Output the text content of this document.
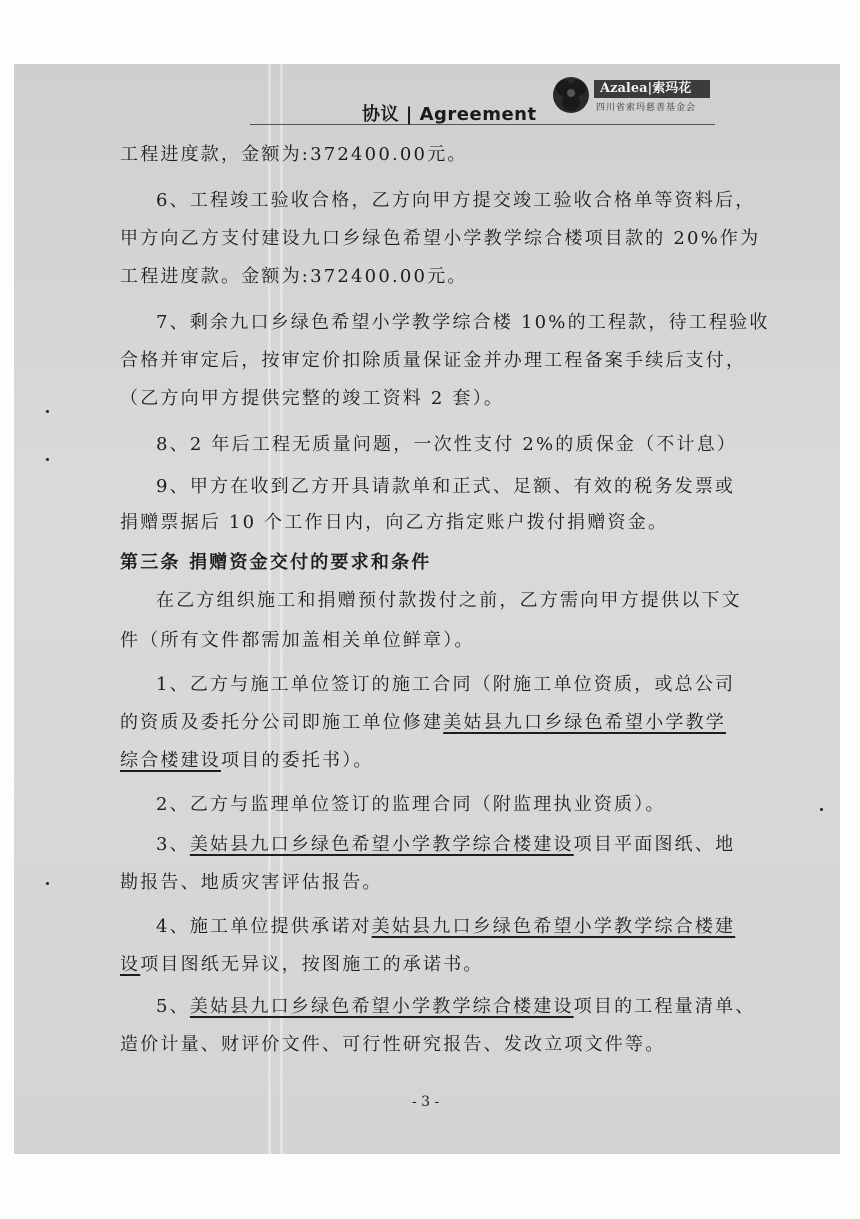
协议 | Agreement
Azalea|索玛花
四川省索玛慈善基金会
工程进度款，金额为:372400.00元。
6、工程竣工验收合格，乙方向甲方提交竣工验收合格单等资料后，
甲方向乙方支付建设九口乡绿色希望小学教学综合楼项目款的 20%作为
工程进度款。金额为:372400.00元。
7、剩余九口乡绿色希望小学教学综合楼 10%的工程款，待工程验收
合格并审定后，按审定价扣除质量保证金并办理工程备案手续后支付，
（乙方向甲方提供完整的竣工资料 2 套）。
8、2 年后工程无质量问题，一次性支付 2%的质保金（不计息）
9、甲方在收到乙方开具请款单和正式、足额、有效的税务发票或
捐赠票据后 10 个工作日内，向乙方指定账户拨付捐赠资金。
第三条 捐赠资金交付的要求和条件
在乙方组织施工和捐赠预付款拨付之前，乙方需向甲方提供以下文
件（所有文件都需加盖相关单位鲜章）。
1、乙方与施工单位签订的施工合同（附施工单位资质，或总公司
的资质及委托分公司即施工单位修建美姑县九口乡绿色希望小学教学
综合楼建设项目的委托书）。
2、乙方与监理单位签订的监理合同（附监理执业资质）。
3、美姑县九口乡绿色希望小学教学综合楼建设项目平面图纸、地
勘报告、地质灾害评估报告。
4、施工单位提供承诺对美姑县九口乡绿色希望小学教学综合楼建
设项目图纸无异议，按图施工的承诺书。
5、美姑县九口乡绿色希望小学教学综合楼建设项目的工程量清单、
造价计量、财评价文件、可行性研究报告、发改立项文件等。
- 3 -
